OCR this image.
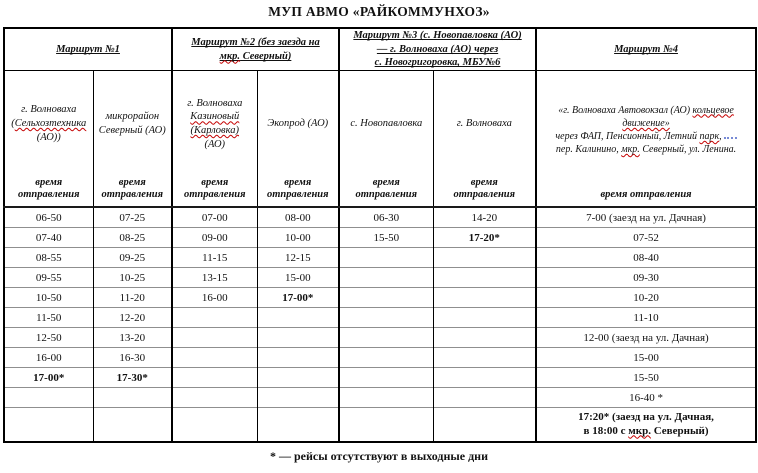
МУП АВМО «РАЙКОММУНХОЗ»
Маршрут №1	
Маршрут №2 (без заезда на
мкр. Северный)

Маршрут №3 (с. Новопавловка (АО)
— г. Волноваха (АО) через
с. Новогригоровка, МБУ№6
	Маршрут №4

г. Волноваха
(Сельхозтехника
(АО))
время отправления

микрорайон Северный (АО)
время отправления

г. Волноваха
Казиновый
(Карловка)
(АО)
время отправления

Экопрод (АО)
время отправления

с. Новопавловка
время отправления

г. Волноваха
время отправления

«г. Волноваха Автовокзал (АО) кольцевое
движение»
через ФАП, Пенсионный, Летний парк,
пер. Калинино, мкр. Северный, ул. Ленина.
время отправления

06-50	07-25	07-00	08-00	06-30	14-20	7-00 (заезд на ул. Дачная)
07-40	08-25	09-00	10-00	15-50	17-20*	07-52
08-55	09-25	11-15	12-15			08-40
09-55	10-25	13-15	15-00			09-30
10-50	11-20	16-00	17-00*			10-20
11-50	12-20					11-10
12-50	13-20					12-00 (заезд на ул. Дачная)
16-00	16-30					15-00
17-00*	17-30*					15-50
						16-40 *

						17:20* (заезд на ул. Дачная,
в 18:00 с мкр. Северный)
* — рейсы отсутствуют в выходные дни
